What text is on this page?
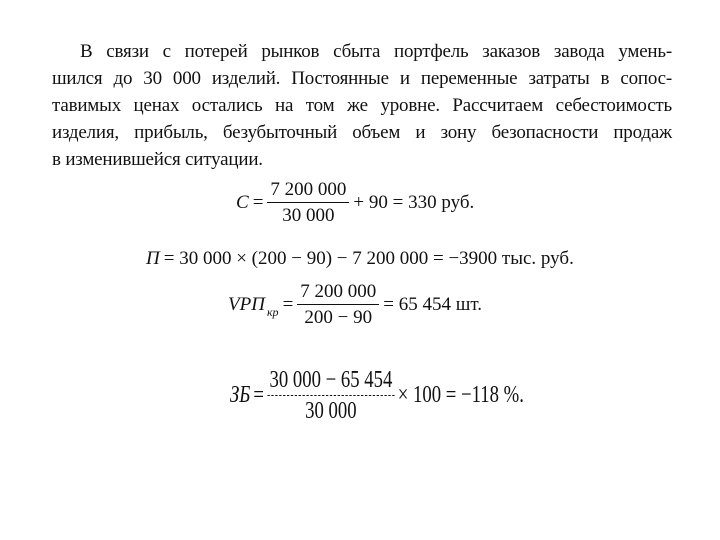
В связи с потерей рынков сбыта портфель заказов завода умень-
шился до 30 000 изделий. Постоянные и переменные затраты в сопос-
тавимых ценах остались на том же уровне. Рассчитаем себестоимость
изделия, прибыль, безубыточный объем и зону безопасности продаж
в изменившейся ситуации.
$С = \frac{7 200 000}{30 000} + 90 = 330$ руб.
П = 30 000 × (200 − 90) − 7 200 000 = −3900 тыс. руб.
VРП кр = $\frac{7 200 000}{200 - 90} = 65$ 454 шт.
ЗБ = $\frac{30 000 - 65 454}{30 000} \times 100 = -118$ %.
